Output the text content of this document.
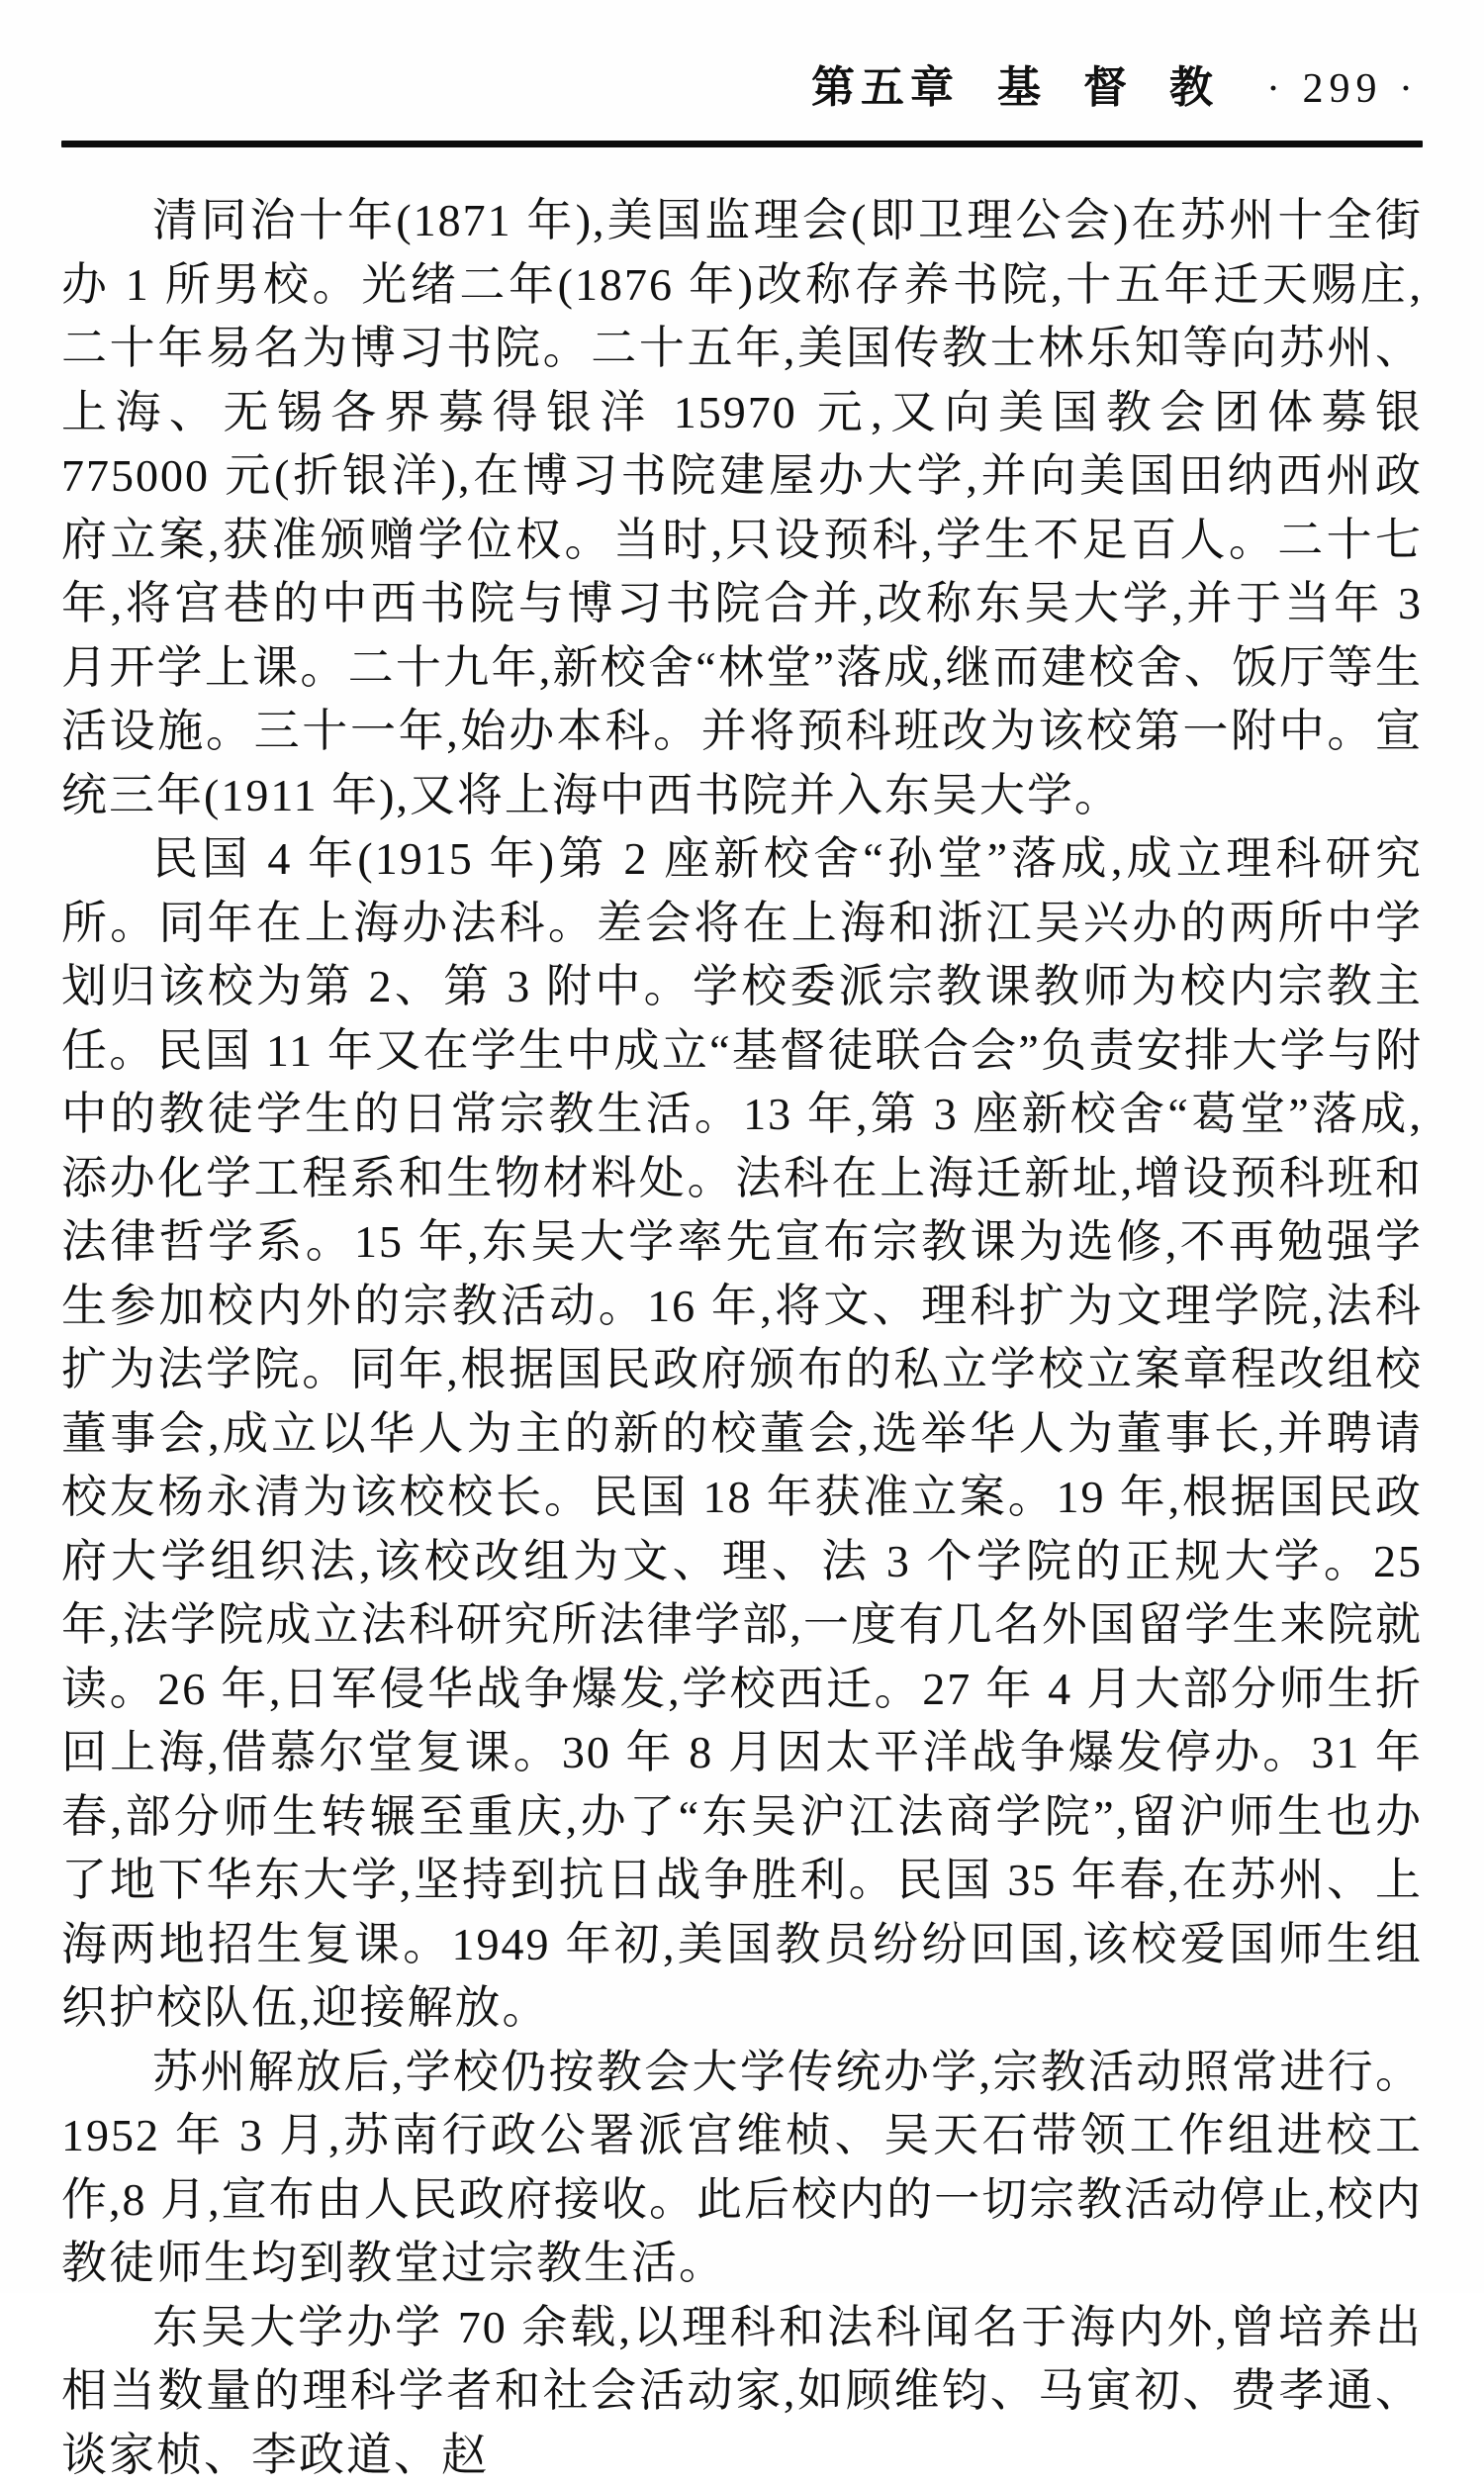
第五章 基 督 教 · 299 ·

清同治十年(1871 年),美国监理会(即卫理公会)在苏州十全街办 1 所男校。光绪二年(1876 年)改称存养书院,十五年迁天赐庄,二十年易名为博习书院。二十五年,美国传教士林乐知等向苏州、上海、无锡各界募得银洋 15970 元,又向美国教会团体募银 775000 元(折银洋),在博习书院建屋办大学,并向美国田纳西州政府立案,获准颁赠学位权。当时,只设预科,学生不足百人。二十七年,将宫巷的中西书院与博习书院合并,改称东吴大学,并于当年 3 月开学上课。二十九年,新校舍“林堂”落成,继而建校舍、饭厅等生活设施。三十一年,始办本科。并将预科班改为该校第一附中。宣统三年(1911 年),又将上海中西书院并入东吴大学。

民国 4 年(1915 年)第 2 座新校舍“孙堂”落成,成立理科研究所。同年在上海办法科。差会将在上海和浙江吴兴办的两所中学划归该校为第 2、第 3 附中。学校委派宗教课教师为校内宗教主任。民国 11 年又在学生中成立“基督徒联合会”负责安排大学与附中的教徒学生的日常宗教生活。13 年,第 3 座新校舍“葛堂”落成,添办化学工程系和生物材料处。法科在上海迁新址,增设预科班和法律哲学系。15 年,东吴大学率先宣布宗教课为选修,不再勉强学生参加校内外的宗教活动。16 年,将文、理科扩为文理学院,法科扩为法学院。同年,根据国民政府颁布的私立学校立案章程改组校董事会,成立以华人为主的新的校董会,选举华人为董事长,并聘请校友杨永清为该校校长。民国 18 年获准立案。19 年,根据国民政府大学组织法,该校改组为文、理、法 3 个学院的正规大学。25 年,法学院成立法科研究所法律学部,一度有几名外国留学生来院就读。26 年,日军侵华战争爆发,学校西迁。27 年 4 月大部分师生折回上海,借慕尔堂复课。30 年 8 月因太平洋战争爆发停办。31 年春,部分师生转辗至重庆,办了“东吴沪江法商学院”,留沪师生也办了地下华东大学,坚持到抗日战争胜利。民国 35 年春,在苏州、上海两地招生复课。1949 年初,美国教员纷纷回国,该校爱国师生组织护校队伍,迎接解放。

苏州解放后,学校仍按教会大学传统办学,宗教活动照常进行。1952 年 3 月,苏南行政公署派宫维桢、吴天石带领工作组进校工作,8 月,宣布由人民政府接收。此后校内的一切宗教活动停止,校内教徒师生均到教堂过宗教生活。

东吴大学办学 70 余载,以理科和法科闻名于海内外,曾培养出相当数量的理科学者和社会活动家,如顾维钧、马寅初、费孝通、谈家桢、李政道、赵
